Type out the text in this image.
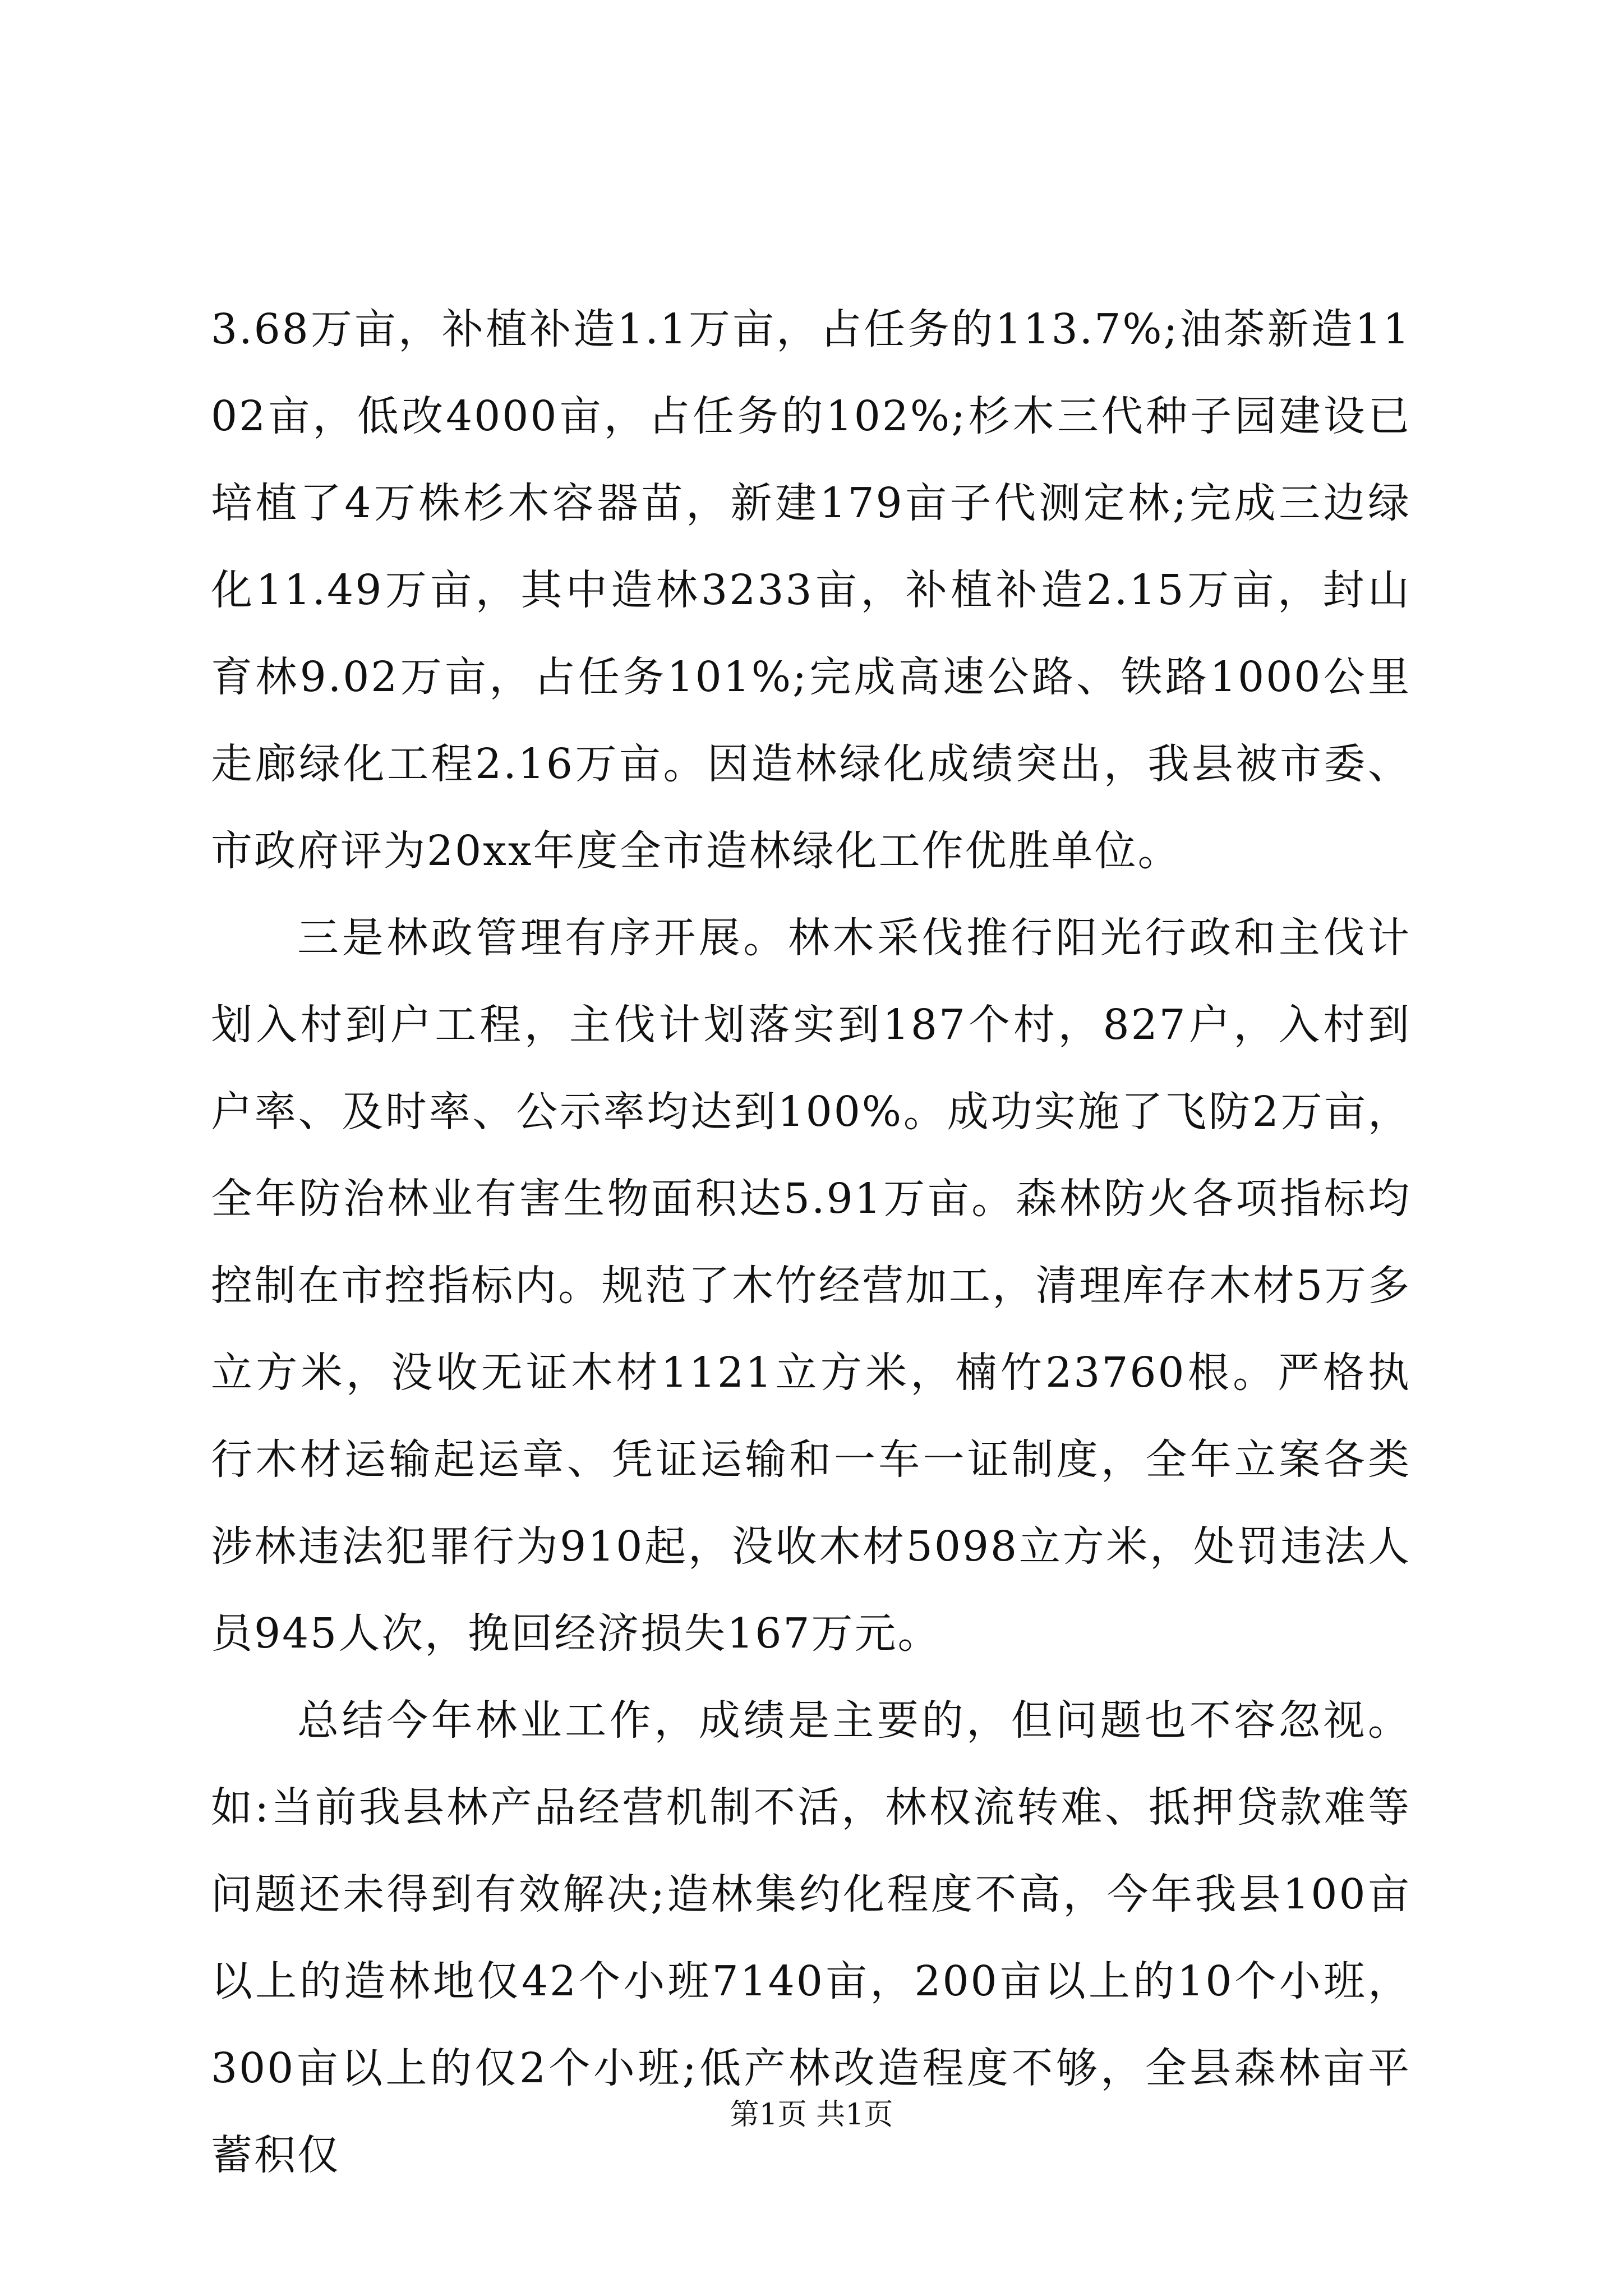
3.68万亩，补植补造1.1万亩，占任务的113.7%;油茶新造1102亩，低改4000亩，占任务的102%;杉木三代种子园建设已培植了4万株杉木容器苗，新建179亩子代测定林;完成三边绿化11.49万亩，其中造林3233亩，补植补造2.15万亩，封山育林9.02万亩，占任务101%;完成高速公路、铁路1000公里走廊绿化工程2.16万亩。因造林绿化成绩突出，我县被市委、市政府评为20xx年度全市造林绿化工作优胜单位。

三是林政管理有序开展。林木采伐推行阳光行政和主伐计划入村到户工程，主伐计划落实到187个村，827户，入村到户率、及时率、公示率均达到100%。成功实施了飞防2万亩，全年防治林业有害生物面积达5.91万亩。森林防火各项指标均控制在市控指标内。规范了木竹经营加工，清理库存木材5万多立方米，没收无证木材1121立方米，楠竹23760根。严格执行木材运输起运章、凭证运输和一车一证制度，全年立案各类涉林违法犯罪行为910起，没收木材5098立方米，处罚违法人员945人次，挽回经济损失167万元。

总结今年林业工作，成绩是主要的，但问题也不容忽视。如:当前我县林产品经营机制不活，林权流转难、抵押贷款难等问题还未得到有效解决;造林集约化程度不高，今年我县100亩以上的造林地仅42个小班7140亩，200亩以上的10个小班，300亩以上的仅2个小班;低产林改造程度不够，全县森林亩平蓄积仅

第1页 共1页
